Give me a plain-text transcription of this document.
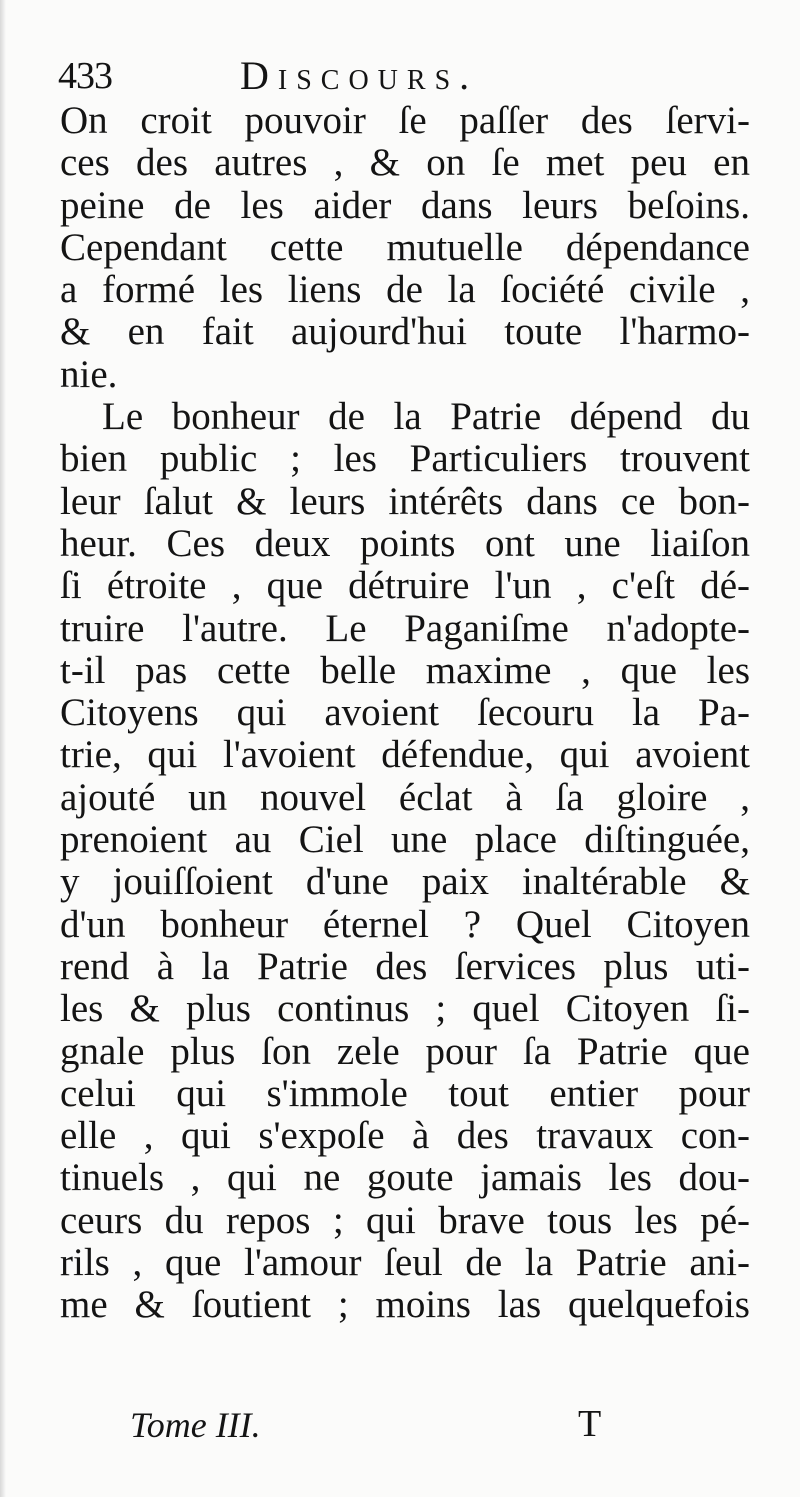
433	Discours.
On croit pouvoir ſe paſſer des ſervi-
ces des autres , & on ſe met peu en
peine de les aider dans leurs beſoins.
Cependant cette mutuelle dépendance
a formé les liens de la ſociété civile ,
& en fait aujourd'hui toute l'harmo-
nie.
Le bonheur de la Patrie dépend du
bien public ; les Particuliers trouvent
leur ſalut & leurs intérêts dans ce bon-
heur. Ces deux points ont une liaiſon
ſi étroite , que détruire l'un , c'eſt dé-
truire l'autre. Le Paganiſme n'adopte-
t-il pas cette belle maxime , que les
Citoyens qui avoient ſecouru la Pa-
trie, qui l'avoient défendue, qui avoient
ajouté un nouvel éclat à ſa gloire ,
prenoient au Ciel une place diſtinguée,
y jouiſſoient d'une paix inaltérable &
d'un bonheur éternel ? Quel Citoyen
rend à la Patrie des ſervices plus uti-
les & plus continus ; quel Citoyen ſi-
gnale plus ſon zele pour ſa Patrie que
celui qui s'immole tout entier pour
elle , qui s'expoſe à des travaux con-
tinuels , qui ne goute jamais les dou-
ceurs du repos ; qui brave tous les pé-
rils , que l'amour ſeul de la Patrie ani-
me & ſoutient ; moins las quelquefois
Tome III.	T
